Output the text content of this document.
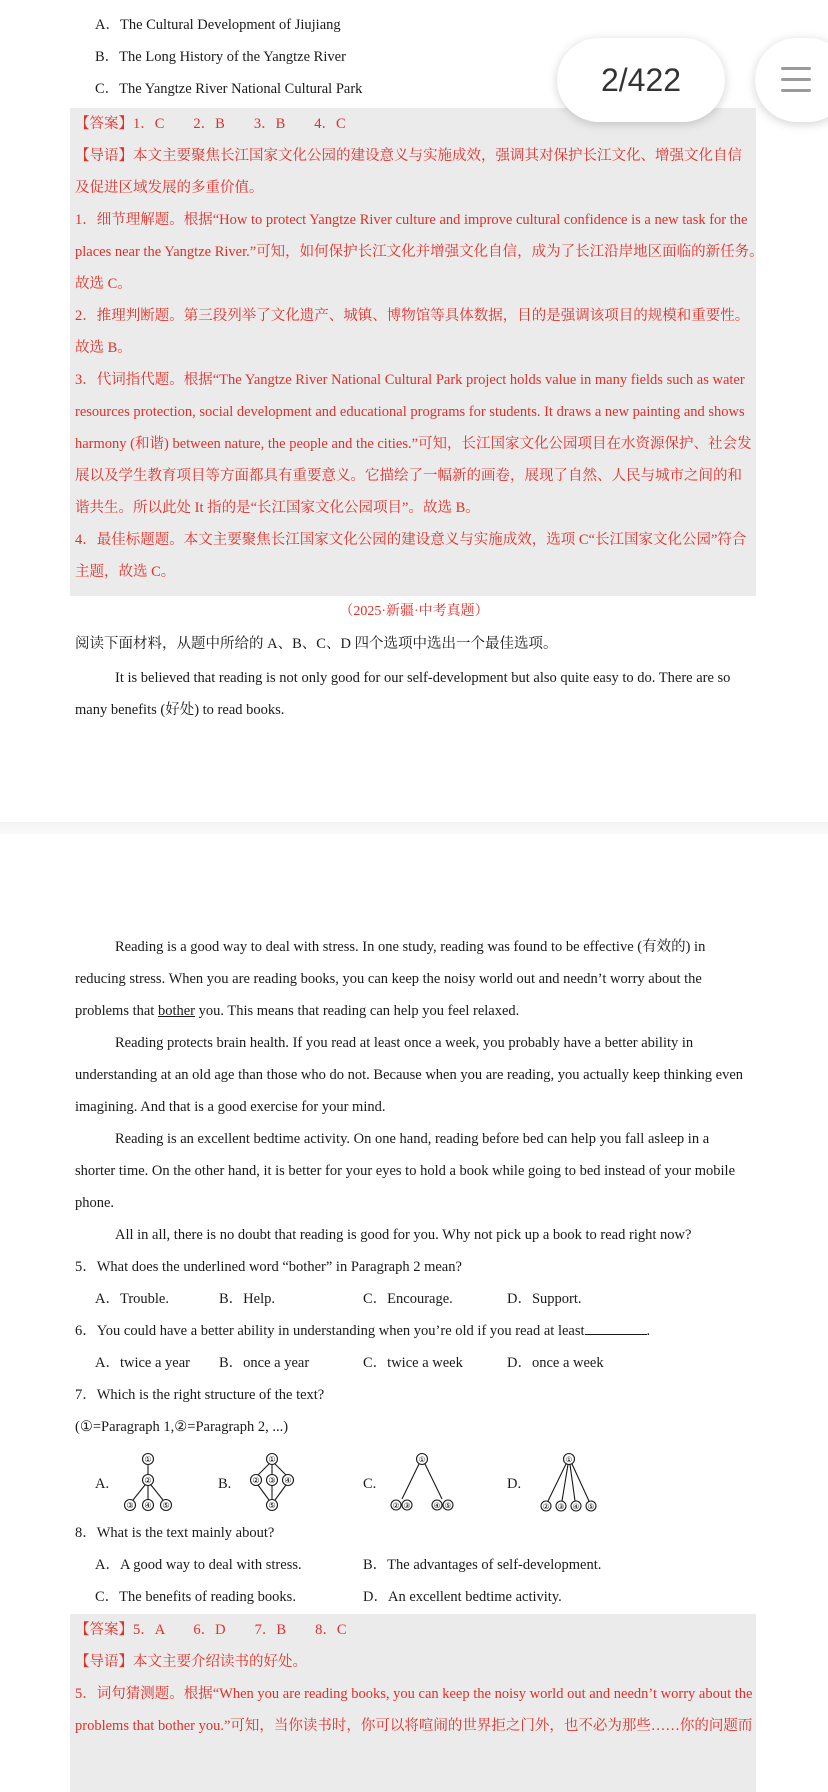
A．The Cultural Development of Jiujiang
B．The Long History of the Yangtze River
C．The Yangtze River National Cultural Park
【答案】1．C　　2．B　　3．B　　4．C
【导语】本文主要聚焦长江国家文化公园的建设意义与实施成效，强调其对保护长江文化、增强文化自信
及促进区域发展的多重价值。
1．细节理解题。根据“How to protect Yangtze River culture and improve cultural confidence is a new task for the
places near the Yangtze River.”可知，如何保护长江文化并增强文化自信，成为了长江沿岸地区面临的新任务。
故选 C。
2．推理判断题。第三段列举了文化遗产、城镇、博物馆等具体数据，目的是强调该项目的规模和重要性。
故选 B。
3．代词指代题。根据“The Yangtze River National Cultural Park project holds value in many fields such as water
resources protection, social development and educational programs for students. It draws a new painting and shows
harmony (和谐) between nature, the people and the cities.”可知，长江国家文化公园项目在水资源保护、社会发
展以及学生教育项目等方面都具有重要意义。它描绘了一幅新的画卷，展现了自然、人民与城市之间的和
谐共生。所以此处 It 指的是“长江国家文化公园项目”。故选 B。
4．最佳标题题。本文主要聚焦长江国家文化公园的建设意义与实施成效，选项 C“长江国家文化公园”符合
主题，故选 C。
（2025·新疆·中考真题）
阅读下面材料，从题中所给的 A、B、C、D 四个选项中选出一个最佳选项。
It is believed that reading is not only good for our self-development but also quite easy to do. There are so
many benefits (好处) to read books.
Reading is a good way to deal with stress. In one study, reading was found to be effective (有效的) in
reducing stress. When you are reading books, you can keep the noisy world out and needn’t worry about the
problems that bother you. This means that reading can help you feel relaxed.
Reading protects brain health. If you read at least once a week, you probably have a better ability in
understanding at an old age than those who do not. Because when you are reading, you actually keep thinking even
imagining. And that is a good exercise for your mind.
Reading is an excellent bedtime activity. On one hand, reading before bed can help you fall asleep in a
shorter time. On the other hand, it is better for your eyes to hold a book while going to bed instead of your mobile
phone.
All in all, there is no doubt that reading is good for you. Why not pick up a book to read right now?
5．What does the underlined word “bother” in Paragraph 2 mean?
A．Trouble.	B．Help.	C．Encourage.	D．Support.
6．You could have a better ability in understanding when you’re old if you read at least	.
A．twice a year B．once a year	C．twice a week	D．once a week
7．Which is the right structure of the text?
(①=Paragraph 1,②=Paragraph 2, ...)
A.
①
②
③ ④ ⑤
B.
①
② ③ ④
⑤
C.
①
② ③	④ ⑤
D.
①
② ③ ④ ⑤
8．What is the text mainly about?
A．A good way to deal with stress.	B．The advantages of self-development.
C．The benefits of reading books.	D．An excellent bedtime activity.
【答案】5．A　　6．D　　7．B　　8．C
【导语】本文主要介绍读书的好处。
5．词句猜测题。根据“When you are reading books, you can keep the noisy world out and needn’t worry about the
problems that bother you.”可知，当你读书时，你可以将喧闹的世界拒之门外，也不必为那些……你的问题而
2/422
